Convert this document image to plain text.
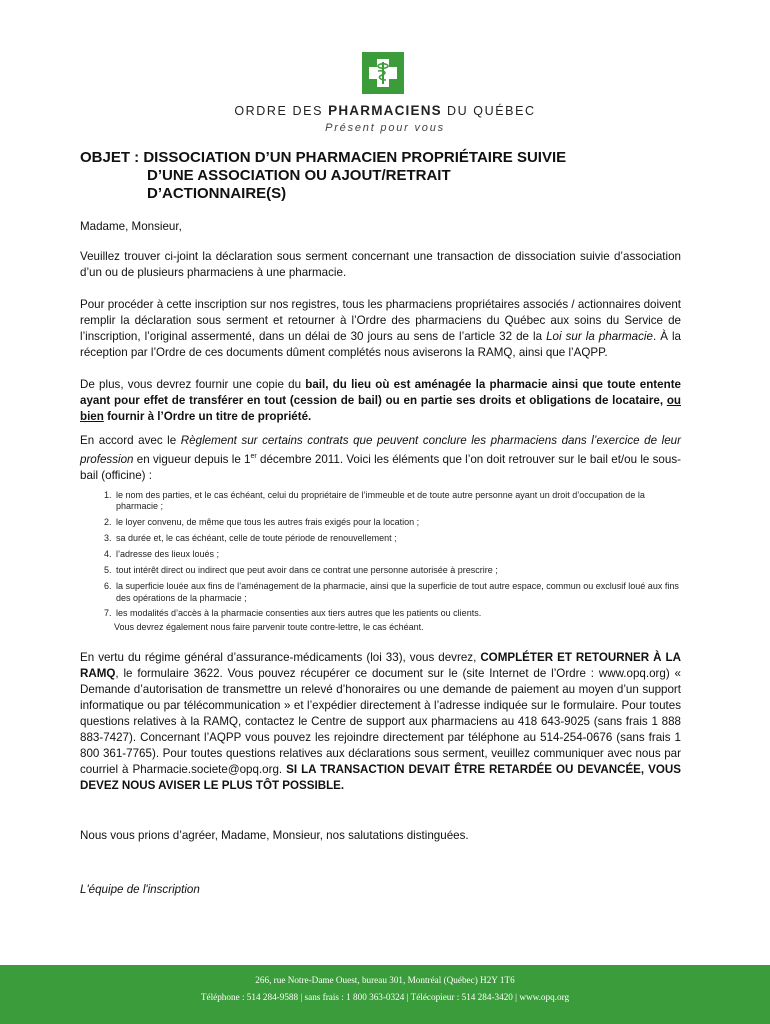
ORDRE DES PHARMACIENS DU QUÉBEC
Présent pour vous
OBJET : DISSOCIATION D’UN PHARMACIEN PROPRIÉTAIRE SUIVIE
D’UNE ASSOCIATION OU AJOUT/RETRAIT
D’ACTIONNAIRE(S)

Madame, Monsieur,

Veuillez trouver ci-joint la déclaration sous serment concernant une transaction de dissociation suivie d’association d’un ou de plusieurs pharmaciens à une pharmacie.

Pour procéder à cette inscription sur nos registres, tous les pharmaciens propriétaires associés / actionnaires doivent remplir la déclaration sous serment et retourner à l’Ordre des pharmaciens du Québec aux soins du Service de l’inscription, l’original assermenté, dans un délai de 30 jours au sens de l’article 32 de la Loi sur la pharmacie. À la réception par l’Ordre de ces documents dûment complétés nous aviserons la RAMQ, ainsi que l’AQPP.

De plus, vous devrez fournir une copie du bail, du lieu où est aménagée la pharmacie ainsi que toute entente ayant pour effet de transférer en tout (cession de bail) ou en partie ses droits et obligations de locataire, ou bien fournir à l’Ordre un titre de propriété.

En accord avec le Règlement sur certains contrats que peuvent conclure les pharmaciens dans l’exercice de leur profession en vigueur depuis le 1er décembre 2011. Voici les éléments que l’on doit retrouver sur le bail et/ou le sous-bail (officine) :

1. le nom des parties, et le cas échéant, celui du propriétaire de l’immeuble et de toute autre personne ayant un droit d’occupation de la pharmacie ;
2. le loyer convenu, de même que tous les autres frais exigés pour la location ;
3. sa durée et, le cas échéant, celle de toute période de renouvellement ;
4. l’adresse des lieux loués ;
5. tout intérêt direct ou indirect que peut avoir dans ce contrat une personne autorisée à prescrire ;
6. la superficie louée aux fins de l’aménagement de la pharmacie, ainsi que la superficie de tout autre espace, commun ou exclusif loué aux fins des opérations de la pharmacie ;
7. les modalités d’accès à la pharmacie consenties aux tiers autres que les patients ou clients.
Vous devrez également nous faire parvenir toute contre-lettre, le cas échéant.

En vertu du régime général d’assurance-médicaments (loi 33), vous devrez, COMPLÉTER ET RETOURNER À LA RAMQ, le formulaire 3622. Vous pouvez récupérer ce document sur le (site Internet de l’Ordre : www.opq.org) « Demande d’autorisation de transmettre un relevé d’honoraires ou une demande de paiement au moyen d’un support informatique ou par télécommunication » et l’expédier directement à l’adresse indiquée sur le formulaire. Pour toutes questions relatives à la RAMQ, contactez le Centre de support aux pharmaciens au 418 643-9025 (sans frais 1 888 883-7427). Concernant l’AQPP vous pouvez les rejoindre directement par téléphone au 514-254-0676 (sans frais 1 800 361-7765). Pour toutes questions relatives aux déclarations sous serment, veuillez communiquer avec nous par courriel à Pharmacie.societe@opq.org. SI LA TRANSACTION DEVAIT ÊTRE RETARDÉE OU DEVANCÉE, VOUS DEVEZ NOUS AVISER LE PLUS TÔT POSSIBLE.

Nous vous prions d’agréer, Madame, Monsieur, nos salutations distinguées.

L'équipe de l'inscription

266, rue Notre-Dame Ouest, bureau 301, Montréal (Québec) H2Y 1T6
Téléphone : 514 284-9588 | sans frais : 1 800 363-0324 | Télécopieur : 514 284-3420 | www.opq.org
